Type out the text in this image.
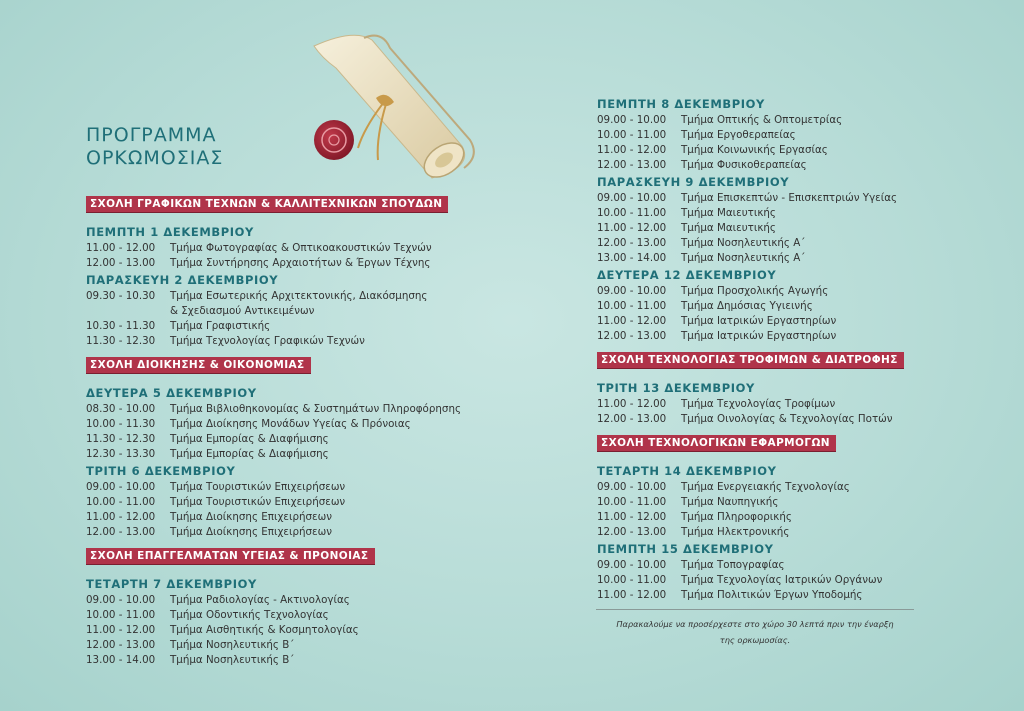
ΠΡΟΓΡΑΜΜΑ
ΟΡΚΩΜΟΣΙΑΣ
ΣΧΟΛΗ ΓΡΑΦΙΚΩΝ ΤΕΧΝΩΝ & ΚΑΛΛΙΤΕΧΝΙΚΩΝ ΣΠΟΥΔΩΝ
ΠΕΜΠΤΗ 1 ΔΕΚΕΜΒΡΙΟΥ
11.00 - 12.00	Τμήμα Φωτογραφίας & Οπτικοακουστικών Τεχνών
12.00 - 13.00	Τμήμα Συντήρησης Αρχαιοτήτων & Έργων Τέχνης
ΠΑΡΑΣΚΕΥΗ 2 ΔΕΚΕΜΒΡΙΟΥ
09.30 - 10.30	Τμήμα Εσωτερικής Αρχιτεκτονικής, Διακόσμησης
& Σχεδιασμού Αντικειμένων
10.30 - 11.30	Τμήμα Γραφιστικής
11.30 - 12.30	Τμήμα Τεχνολογίας Γραφικών Τεχνών
ΣΧΟΛΗ ΔΙΟΙΚΗΣΗΣ & ΟΙΚΟΝΟΜΙΑΣ
ΔΕΥΤΕΡΑ 5 ΔΕΚΕΜΒΡΙΟΥ
08.30 - 10.00	Τμήμα Βιβλιοθηκονομίας & Συστημάτων Πληροφόρησης
10.00 - 11.30	Τμήμα Διοίκησης Μονάδων Υγείας & Πρόνοιας
11.30 - 12.30	Τμήμα Εμπορίας & Διαφήμισης
12.30 - 13.30	Τμήμα Εμπορίας & Διαφήμισης
ΤΡΙΤΗ 6 ΔΕΚΕΜΒΡΙΟΥ
09.00 - 10.00	Τμήμα Τουριστικών Επιχειρήσεων
10.00 - 11.00	Τμήμα Τουριστικών Επιχειρήσεων
11.00 - 12.00	Τμήμα Διοίκησης Επιχειρήσεων
12.00 - 13.00	Τμήμα Διοίκησης Επιχειρήσεων
ΣΧΟΛΗ ΕΠΑΓΓΕΛΜΑΤΩΝ ΥΓΕΙΑΣ & ΠΡΟΝΟΙΑΣ
ΤΕΤΑΡΤΗ 7 ΔΕΚΕΜΒΡΙΟΥ
09.00 - 10.00	Τμήμα Ραδιολογίας - Ακτινολογίας
10.00 - 11.00	Τμήμα Οδοντικής Τεχνολογίας
11.00 - 12.00	Τμήμα Αισθητικής & Κοσμητολογίας
12.00 - 13.00	Τμήμα Νοσηλευτικής Β΄
13.00 - 14.00	Τμήμα Νοσηλευτικής Β΄
ΠΕΜΠΤΗ 8 ΔΕΚΕΜΒΡΙΟΥ
09.00 - 10.00	Τμήμα Οπτικής & Οπτομετρίας
10.00 - 11.00	Τμήμα Εργοθεραπείας
11.00 - 12.00	Τμήμα Κοινωνικής Εργασίας
12.00 - 13.00	Τμήμα Φυσικοθεραπείας
ΠΑΡΑΣΚΕΥΗ 9 ΔΕΚΕΜΒΡΙΟΥ
09.00 - 10.00	Τμήμα Επισκεπτών - Επισκεπτριών Υγείας
10.00 - 11.00	Τμήμα Μαιευτικής
11.00 - 12.00	Τμήμα Μαιευτικής
12.00 - 13.00	Τμήμα Νοσηλευτικής Α΄
13.00 - 14.00	Τμήμα Νοσηλευτικής Α΄
ΔΕΥΤΕΡΑ 12 ΔΕΚΕΜΒΡΙΟΥ
09.00 - 10.00	Τμήμα Προσχολικής Αγωγής
10.00 - 11.00	Τμήμα Δημόσιας Υγιεινής
11.00 - 12.00	Τμήμα Ιατρικών Εργαστηρίων
12.00 - 13.00	Τμήμα Ιατρικών Εργαστηρίων
ΣΧΟΛΗ ΤΕΧΝΟΛΟΓΙΑΣ ΤΡΟΦΙΜΩΝ & ΔΙΑΤΡΟΦΗΣ
ΤΡΙΤΗ 13 ΔΕΚΕΜΒΡΙΟΥ
11.00 - 12.00	Τμήμα Τεχνολογίας Τροφίμων
12.00 - 13.00	Τμήμα Οινολογίας & Τεχνολογίας Ποτών
ΣΧΟΛΗ ΤΕΧΝΟΛΟΓΙΚΩΝ ΕΦΑΡΜΟΓΩΝ
ΤΕΤΑΡΤΗ 14 ΔΕΚΕΜΒΡΙΟΥ
09.00 - 10.00	Τμήμα Ενεργειακής Τεχνολογίας
10.00 - 11.00	Τμήμα Ναυπηγικής
11.00 - 12.00	Τμήμα Πληροφορικής
12.00 - 13.00	Τμήμα Ηλεκτρονικής
ΠΕΜΠΤΗ 15 ΔΕΚΕΜΒΡΙΟΥ
09.00 - 10.00	Τμήμα Τοπογραφίας
10.00 - 11.00	Τμήμα Τεχνολογίας Ιατρικών Οργάνων
11.00 - 12.00	Τμήμα Πολιτικών Έργων Υποδομής
Παρακαλούμε να προσέρχεστε στο χώρο 30 λεπτά πριν την έναρξη
της ορκωμοσίας.
